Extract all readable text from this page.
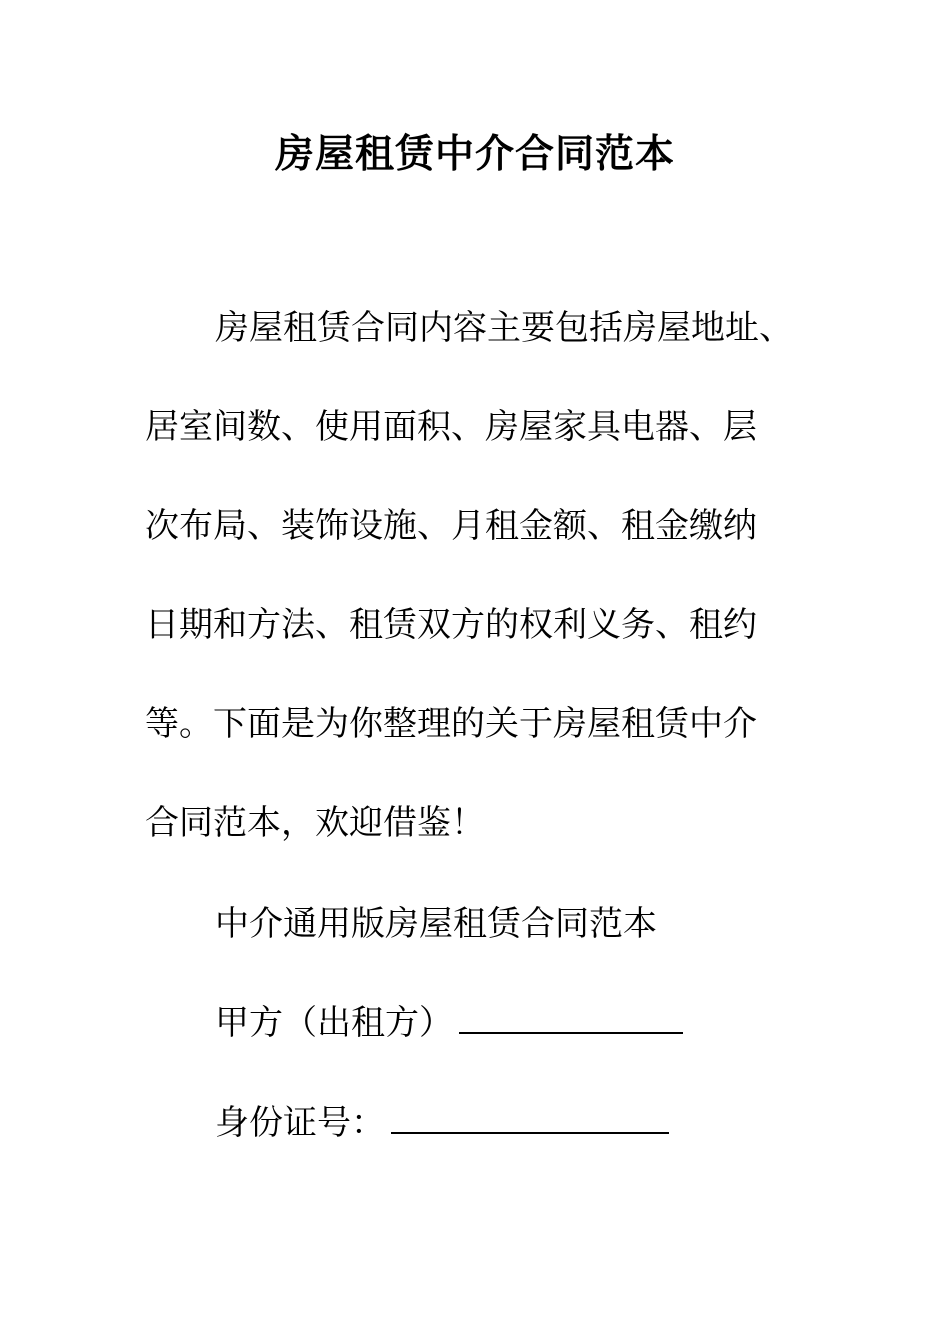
房屋租赁中介合同范本
房屋租赁合同内容主要包括房屋地址、
居室间数、使用面积、房屋家具电器、层
次布局、装饰设施、月租金额、租金缴纳
日期和方法、租赁双方的权利义务、租约
等。下面是为你整理的关于房屋租赁中介
合同范本，欢迎借鉴！
中介通用版房屋租赁合同范本
甲方（出租方）
身份证号：
